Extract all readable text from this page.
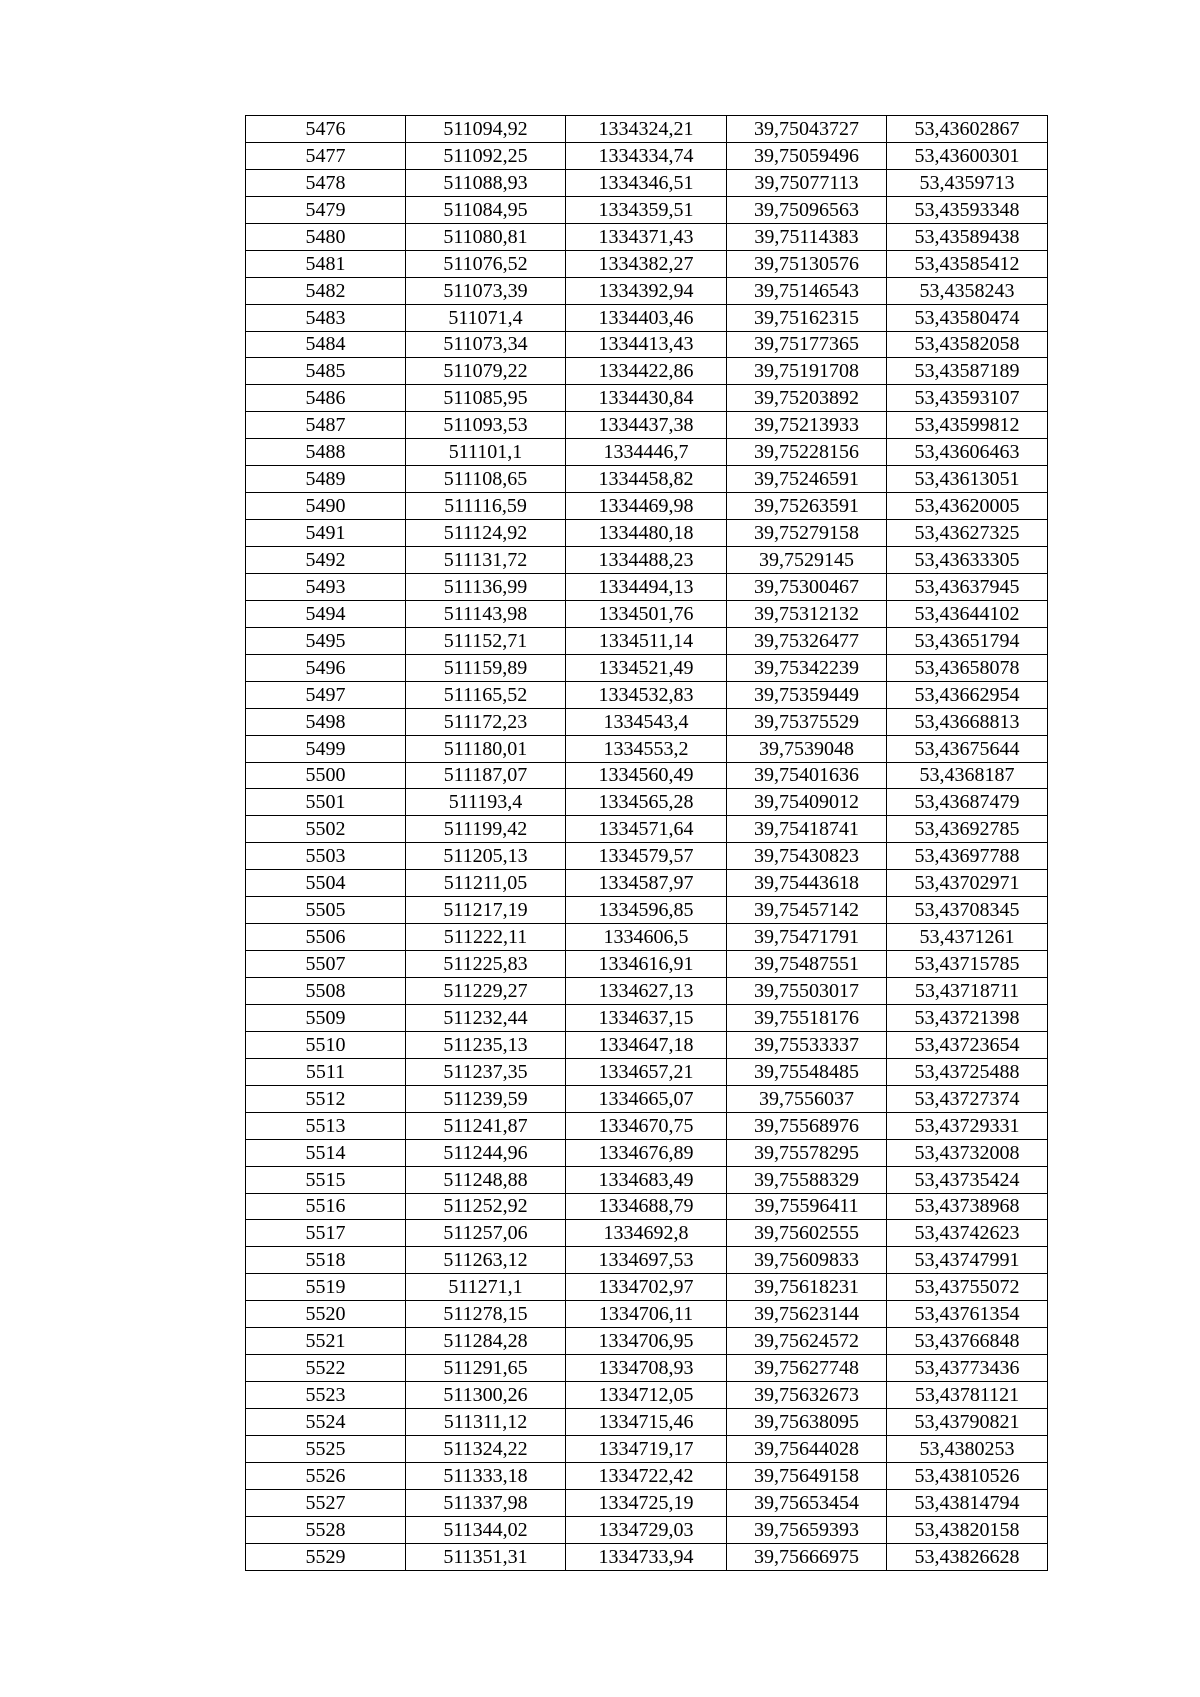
5476	511094,92	1334324,21	39,75043727	53,43602867
5477	511092,25	1334334,74	39,75059496	53,43600301
5478	511088,93	1334346,51	39,75077113	53,4359713
5479	511084,95	1334359,51	39,75096563	53,43593348
5480	511080,81	1334371,43	39,75114383	53,43589438
5481	511076,52	1334382,27	39,75130576	53,43585412
5482	511073,39	1334392,94	39,75146543	53,4358243
5483	511071,4	1334403,46	39,75162315	53,43580474
5484	511073,34	1334413,43	39,75177365	53,43582058
5485	511079,22	1334422,86	39,75191708	53,43587189
5486	511085,95	1334430,84	39,75203892	53,43593107
5487	511093,53	1334437,38	39,75213933	53,43599812
5488	511101,1	1334446,7	39,75228156	53,43606463
5489	511108,65	1334458,82	39,75246591	53,43613051
5490	511116,59	1334469,98	39,75263591	53,43620005
5491	511124,92	1334480,18	39,75279158	53,43627325
5492	511131,72	1334488,23	39,7529145	53,43633305
5493	511136,99	1334494,13	39,75300467	53,43637945
5494	511143,98	1334501,76	39,75312132	53,43644102
5495	511152,71	1334511,14	39,75326477	53,43651794
5496	511159,89	1334521,49	39,75342239	53,43658078
5497	511165,52	1334532,83	39,75359449	53,43662954
5498	511172,23	1334543,4	39,75375529	53,43668813
5499	511180,01	1334553,2	39,7539048	53,43675644
5500	511187,07	1334560,49	39,75401636	53,4368187
5501	511193,4	1334565,28	39,75409012	53,43687479
5502	511199,42	1334571,64	39,75418741	53,43692785
5503	511205,13	1334579,57	39,75430823	53,43697788
5504	511211,05	1334587,97	39,75443618	53,43702971
5505	511217,19	1334596,85	39,75457142	53,43708345
5506	511222,11	1334606,5	39,75471791	53,4371261
5507	511225,83	1334616,91	39,75487551	53,43715785
5508	511229,27	1334627,13	39,75503017	53,43718711
5509	511232,44	1334637,15	39,75518176	53,43721398
5510	511235,13	1334647,18	39,75533337	53,43723654
5511	511237,35	1334657,21	39,75548485	53,43725488
5512	511239,59	1334665,07	39,7556037	53,43727374
5513	511241,87	1334670,75	39,75568976	53,43729331
5514	511244,96	1334676,89	39,75578295	53,43732008
5515	511248,88	1334683,49	39,75588329	53,43735424
5516	511252,92	1334688,79	39,75596411	53,43738968
5517	511257,06	1334692,8	39,75602555	53,43742623
5518	511263,12	1334697,53	39,75609833	53,43747991
5519	511271,1	1334702,97	39,75618231	53,43755072
5520	511278,15	1334706,11	39,75623144	53,43761354
5521	511284,28	1334706,95	39,75624572	53,43766848
5522	511291,65	1334708,93	39,75627748	53,43773436
5523	511300,26	1334712,05	39,75632673	53,43781121
5524	511311,12	1334715,46	39,75638095	53,43790821
5525	511324,22	1334719,17	39,75644028	53,4380253
5526	511333,18	1334722,42	39,75649158	53,43810526
5527	511337,98	1334725,19	39,75653454	53,43814794
5528	511344,02	1334729,03	39,75659393	53,43820158
5529	511351,31	1334733,94	39,75666975	53,43826628
